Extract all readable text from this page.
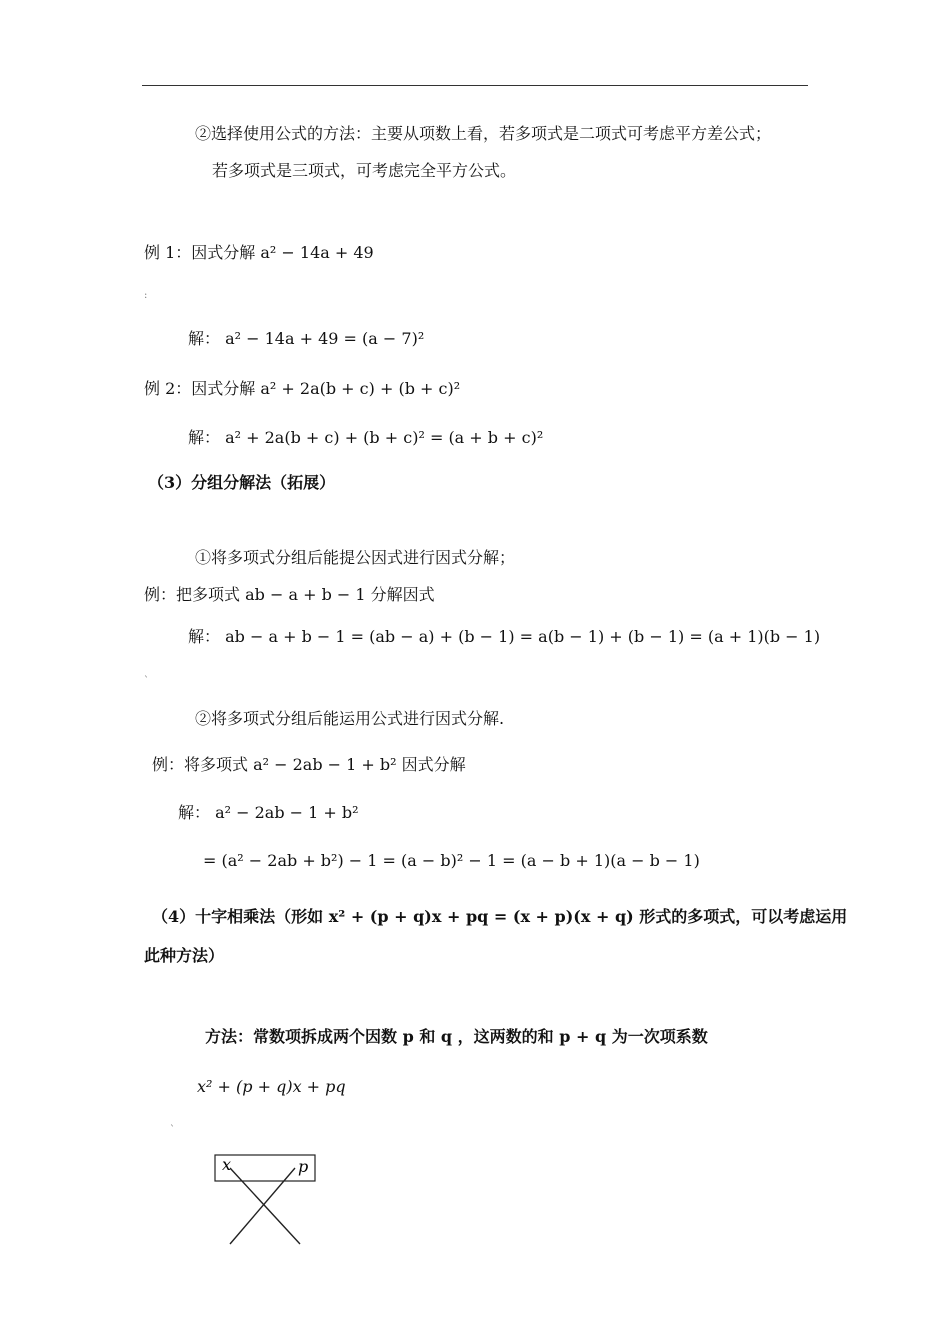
②选择使用公式的方法：主要从项数上看，若多项式是二项式可考虑平方差公式；
若多项式是三项式，可考虑完全平方公式。
例 1：因式分解 a² − 14a + 49
:
解： a² − 14a + 49 = (a − 7)²
例 2：因式分解 a² + 2a(b + c) + (b + c)²
解： a² + 2a(b + c) + (b + c)² = (a + b + c)²
（3）分组分解法（拓展）
①将多项式分组后能提公因式进行因式分解；
例：把多项式 ab − a + b − 1 分解因式
解： ab − a + b − 1 = (ab − a) + (b − 1) = a(b − 1) + (b − 1) = (a + 1)(b − 1)
`
②将多项式分组后能运用公式进行因式分解.
例：将多项式 a² − 2ab − 1 + b² 因式分解
解： a² − 2ab − 1 + b²
= (a² − 2ab + b²) − 1 = (a − b)² − 1 = (a − b + 1)(a − b − 1)
（4）十字相乘法（形如 x² + (p + q)x + pq = (x + p)(x + q) 形式的多项式，可以考虑运用
此种方法）
方法：常数项拆成两个因数 p 和 q ，这两数的和 p + q 为一次项系数
x² + (p + q)x + pq
`
x	p
